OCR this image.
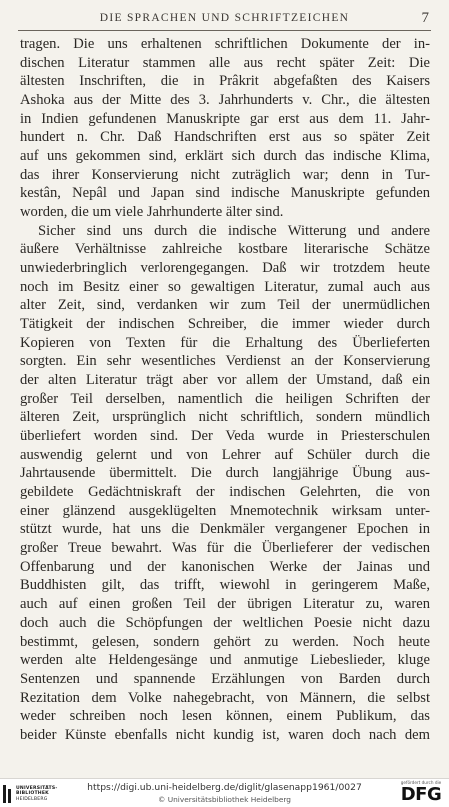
DIE SPRACHEN UND SCHRIFTZEICHEN	7
tragen. Die uns erhaltenen schriftlichen Dokumente der in-
dischen Literatur stammen alle aus recht später Zeit: Die
ältesten Inschriften, die in Prâkrit abgefaßten des Kaisers
Ashoka aus der Mitte des 3. Jahrhunderts v. Chr., die ältesten
in Indien gefundenen Manuskripte gar erst aus dem 11. Jahr-
hundert n. Chr. Daß Handschriften erst aus so später Zeit
auf uns gekommen sind, erklärt sich durch das indische Klima,
das ihrer Konservierung nicht zuträglich war; denn in Tur-
kestân, Nepâl und Japan sind indische Manuskripte gefunden
worden, die um viele Jahrhunderte älter sind.
Sicher sind uns durch die indische Witterung und andere
äußere Verhältnisse zahlreiche kostbare literarische Schätze
unwiederbringlich verlorengegangen. Daß wir trotzdem heute
noch im Besitz einer so gewaltigen Literatur, zumal auch aus
alter Zeit, sind, verdanken wir zum Teil der unermüdlichen
Tätigkeit der indischen Schreiber, die immer wieder durch
Kopieren von Texten für die Erhaltung des Überlieferten
sorgten. Ein sehr wesentliches Verdienst an der Konservierung
der alten Literatur trägt aber vor allem der Umstand, daß ein
großer Teil derselben, namentlich die heiligen Schriften der
älteren Zeit, ursprünglich nicht schriftlich, sondern mündlich
überliefert worden sind. Der Veda wurde in Priesterschulen
auswendig gelernt und von Lehrer auf Schüler durch die
Jahrtausende übermittelt. Die durch langjährige Übung aus-
gebildete Gedächtniskraft der indischen Gelehrten, die von
einer glänzend ausgeklügelten Mnemotechnik wirksam unter-
stützt wurde, hat uns die Denkmäler vergangener Epochen in
großer Treue bewahrt. Was für die Überlieferer der vedischen
Offenbarung und der kanonischen Werke der Jainas und
Buddhisten gilt, das trifft, wiewohl in geringerem Maße,
auch auf einen großen Teil der übrigen Literatur zu, waren
doch auch die Schöpfungen der weltlichen Poesie nicht dazu
bestimmt, gelesen, sondern gehört zu werden. Noch heute
werden alte Heldengesänge und anmutige Liebeslieder, kluge
Sentenzen und spannende Erzählungen von Barden durch
Rezitation dem Volke nahegebracht, von Männern, die selbst
weder schreiben noch lesen können, einem Publikum, das
beider Künste ebenfalls nicht kundig ist, waren doch nach dem
UNIVERSITÄTS-
BIBLIOTHEK
HEIDELBERG
https://digi.ub.uni-heidelberg.de/diglit/glasenapp1961/0027
© Universitätsbibliothek Heidelberg
gefördert durch die
DFG
